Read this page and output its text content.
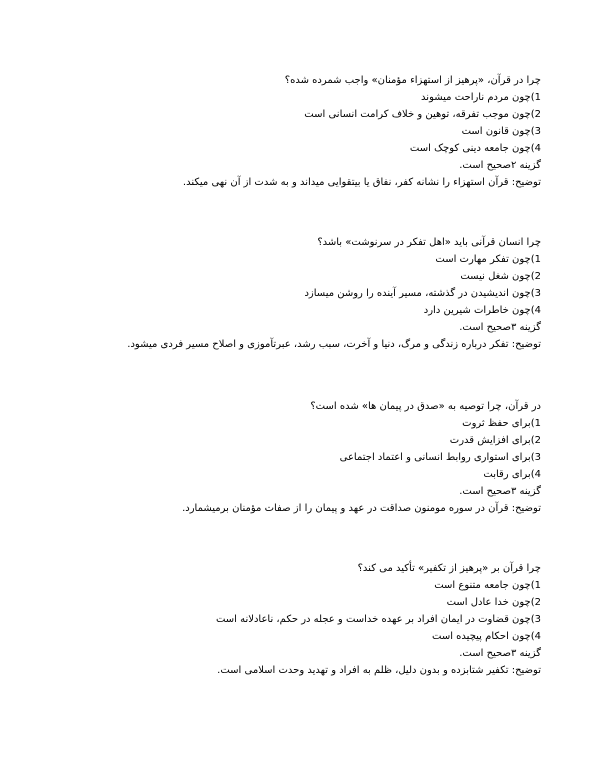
چرا در قرآن، «پرهیز از استهزاء مؤمنان» واجب شمرده شده؟
1)چون مردم ناراحت میشوند
2)چون موجب تفرقه، توهین و خلاف کرامت انسانی است
3)چون قانون است
4)چون جامعه دینی کوچک است
گزینه ۲صحیح است.
توضیح: قرآن استهزاء را نشانه کفر، نفاق یا بیتقوایی میداند و به شدت از آن نهی میکند.
چرا انسان قرآنی باید «اهل تفکر در سرنوشت» باشد؟
1)چون تفکر مهارت است
2)چون شغل نیست
3)چون اندیشیدن در گذشته، مسیر آینده را روشن میسازد
4)چون خاطرات شیرین دارد
گزینه ۳صحیح است.
توضیح: تفکر درباره زندگی و مرگ، دنیا و آخرت، سبب رشد، عبرتآموزی و اصلاح مسیر فردی میشود.
در قرآن، چرا توصیه به «صدق در پیمان ها» شده است؟
1)برای حفظ ثروت
2)برای افزایش قدرت
3)برای استواری روابط انسانی و اعتماد اجتماعی
4)برای رقابت
گزینه ۳صحیح است.
توضیح: قرآن در سوره مومنون صداقت در عهد و پیمان را از صفات مؤمنان برمیشمارد.
چرا قرآن بر «پرهیز از تکفیر» تأکید می کند؟
1)چون جامعه متنوع است
2)چون خدا عادل است
3)چون قضاوت در ایمان افراد بر عهده خداست و عجله در حکم، ناعادلانه است
4)چون احکام پیچیده است
گزینه ۳صحیح است.
توضیح: تکفیر شتابزده و بدون دلیل، ظلم به افراد و تهدید وحدت اسلامی است.
